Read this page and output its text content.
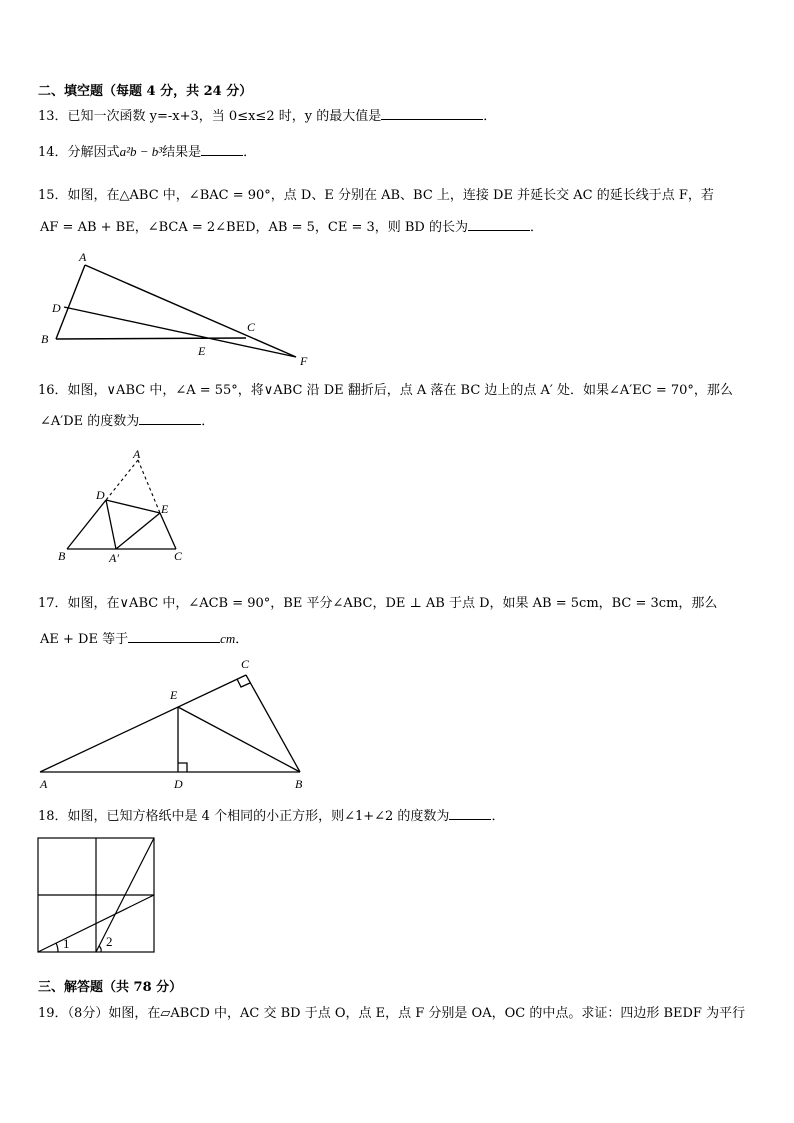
二、填空题（每题 4 分，共 24 分）
13．已知一次函数 y=-x+3，当 0≤x≤2 时，y 的最大值是	．
14．分解因式a²b − b³结果是	．
15．如图，在△ABC 中，∠BAC = 90°，点 D、E 分别在 AB、BC 上，连接 DE 并延长交 AC 的延长线于点 F，若
AF = AB + BE，∠BCA = 2∠BED，AB = 5，CE = 3，则 BD 的长为	．
A
D
B
C
E
F
16．如图，∨ABC 中，∠A = 55°，将∨ABC 沿 DE 翻折后，点 A 落在 BC 边上的点 A′ 处．如果∠A′EC = 70°，那么
∠A′DE 的度数为	．
A
D
E
B	A′	C
17．如图，在∨ABC 中，∠ACB = 90°，BE 平分∠ABC，DE ⊥ AB 于点 D，如果 AB = 5cm，BC = 3cm，那么
AE + DE 等于	cm．
C
E
A	D	B
18．如图，已知方格纸中是 4 个相同的小正方形，则∠1+∠2 的度数为	．
1	2
三、解答题（共 78 分）
19．（8分）如图，在▱ABCD 中，AC 交 BD 于点 O，点 E，点 F 分别是 OA，OC 的中点。求证：四边形 BEDF 为平行
